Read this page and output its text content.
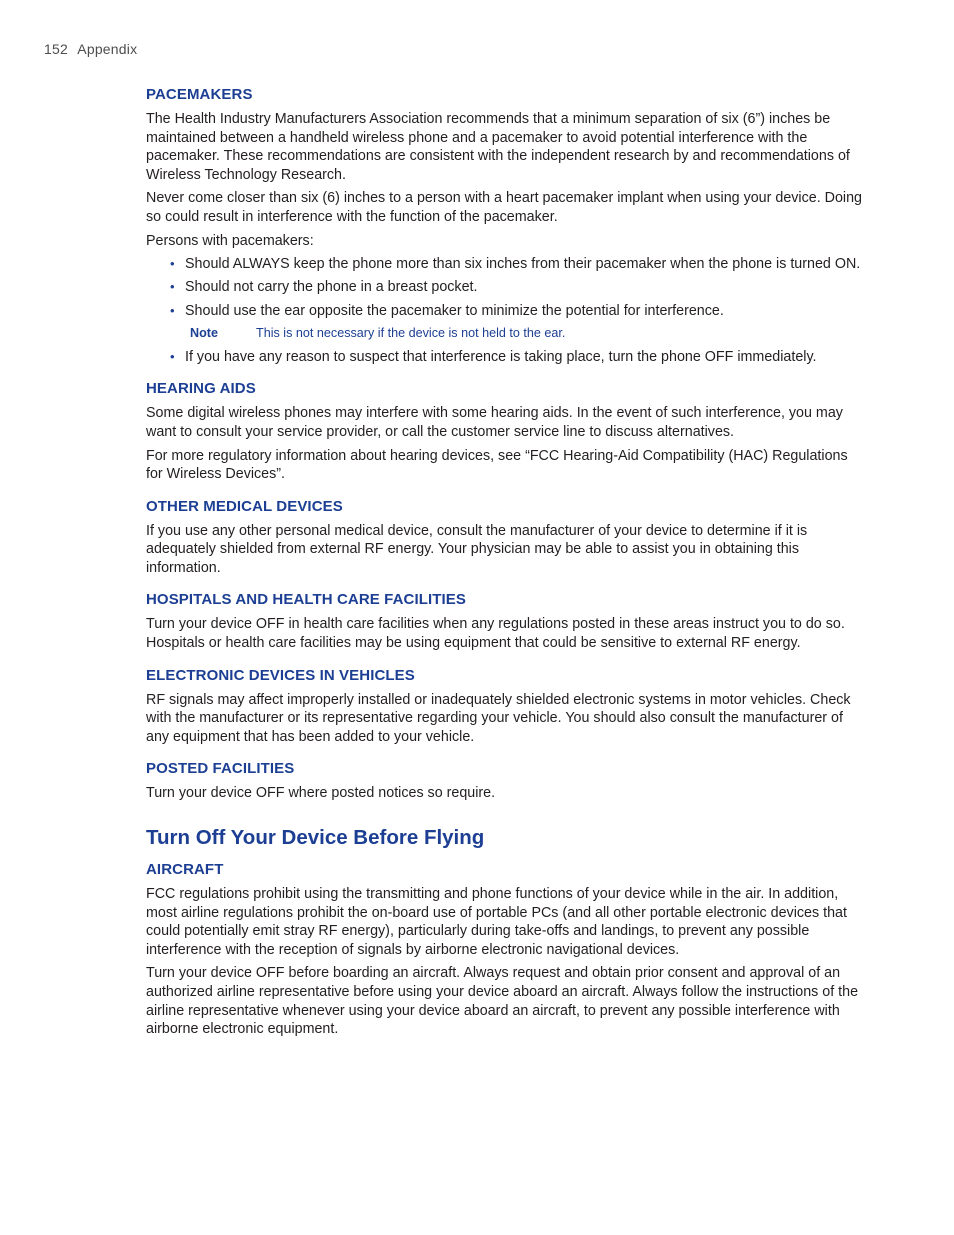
152 Appendix
PACEMAKERS

The Health Industry Manufacturers Association recommends that a minimum separation of six (6”) inches be maintained between a handheld wireless phone and a pacemaker to avoid potential interference with the pacemaker. These recommendations are consistent with the independent research by and recommendations of Wireless Technology Research.

Never come closer than six (6) inches to a person with a heart pacemaker implant when using your device. Doing so could result in interference with the function of the pacemaker.

Persons with pacemakers:

• Should ALWAYS keep the phone more than six inches from their pacemaker when the phone is turned ON.
• Should not carry the phone in a breast pocket.
• Should use the ear opposite the pacemaker to minimize the potential for interference.
Note	This is not necessary if the device is not held to the ear.
• If you have any reason to suspect that interference is taking place, turn the phone OFF immediately.
HEARING AIDS

Some digital wireless phones may interfere with some hearing aids. In the event of such interference, you may want to consult your service provider, or call the customer service line to discuss alternatives.

For more regulatory information about hearing devices, see “FCC Hearing-Aid Compatibility (HAC) Regulations for Wireless Devices”.

OTHER MEDICAL DEVICES

If you use any other personal medical device, consult the manufacturer of your device to determine if it is adequately shielded from external RF energy. Your physician may be able to assist you in obtaining this information.

HOSPITALS AND HEALTH CARE FACILITIES

Turn your device OFF in health care facilities when any regulations posted in these areas instruct you to do so. Hospitals or health care facilities may be using equipment that could be sensitive to external RF energy.

ELECTRONIC DEVICES IN VEHICLES

RF signals may affect improperly installed or inadequately shielded electronic systems in motor vehicles. Check with the manufacturer or its representative regarding your vehicle. You should also consult the manufacturer of any equipment that has been added to your vehicle.

POSTED FACILITIES

Turn your device OFF where posted notices so require.

Turn Off Your Device Before Flying
AIRCRAFT

FCC regulations prohibit using the transmitting and phone functions of your device while in the air. In addition, most airline regulations prohibit the on-board use of portable PCs (and all other portable electronic devices that could potentially emit stray RF energy), particularly during take-offs and landings, to prevent any possible interference with the reception of signals by airborne electronic navigational devices.

Turn your device OFF before boarding an aircraft. Always request and obtain prior consent and approval of an authorized airline representative before using your device aboard an aircraft. Always follow the instructions of the airline representative whenever using your device aboard an aircraft, to prevent any possible interference with airborne electronic equipment.
